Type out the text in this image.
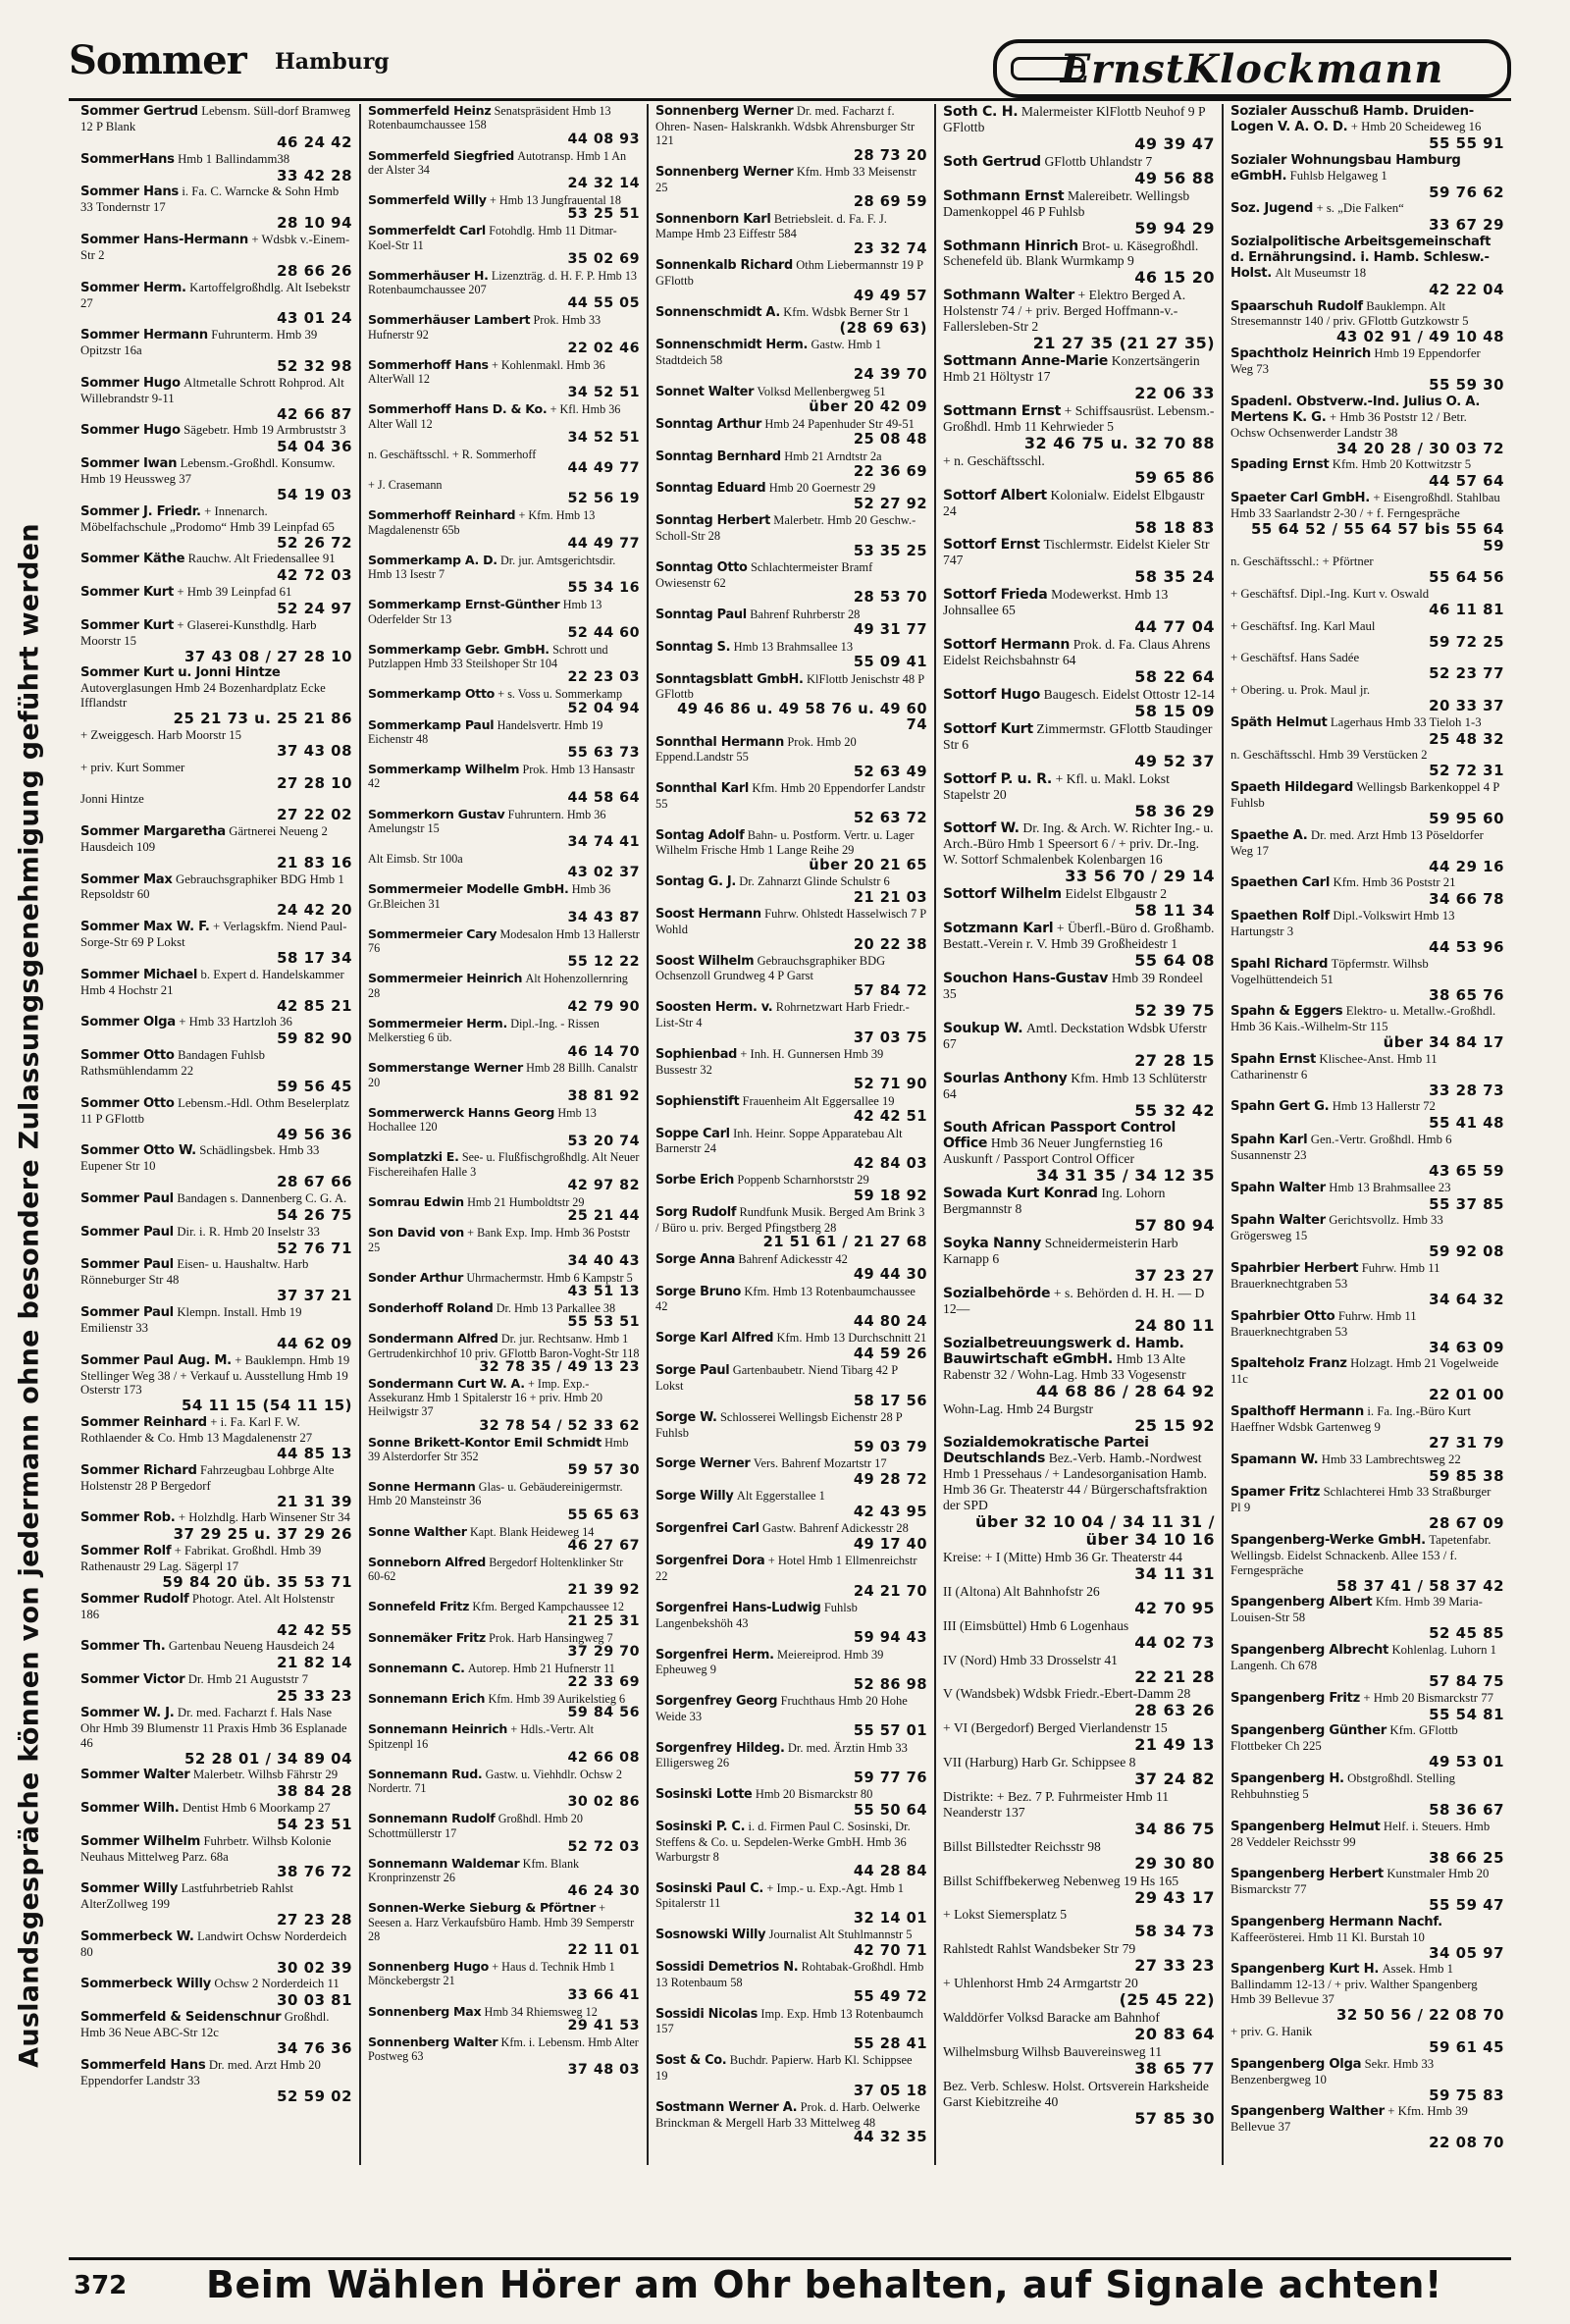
Sommer Hamburg	ErnstKlockmann
Auslandsgespräche können von jedermann ohne besondere Zulassungsgenehmigung geführt werden
Sommer Gertrud Lebensm. Süll-dorf Bramweg 12 P Blank
46 24 42
SommerHans Hmb 1 Ballindamm38
33 42 28
Sommer Hans i. Fa. C. Warncke & Sohn Hmb 33 Tondernstr 17
28 10 94
Sommer Hans-Hermann + Wdsbk v.-Einem-Str 2
28 66 26
Sommer Herm. Kartoffelgroßhdlg. Alt Isebekstr 27
43 01 24
Sommer Hermann Fuhrunterm. Hmb 39 Opitzstr 16a
52 32 98
Sommer Hugo Altmetalle Schrott Rohprod. Alt Willebrandstr 9-11
42 66 87
Sommer Hugo Sägebetr. Hmb 19 Armbruststr 3
54 04 36
Sommer Iwan Lebensm.-Großhdl. Konsumw. Hmb 19 Heussweg 37
54 19 03
Sommer J. Friedr. + Innenarch. Möbelfachschule „Prodomo“ Hmb 39 Leinpfad 65
52 26 72
Sommer Käthe Rauchw. Alt Friedensallee 91
42 72 03
Sommer Kurt + Hmb 39 Leinpfad 61
52 24 97
Sommer Kurt + Glaserei-Kunsthdlg. Harb Moorstr 15
37 43 08 / 27 28 10
Sommer Kurt u. Jonni Hintze Autoverglasungen Hmb 24 Bozenhardplatz Ecke Ifflandstr
25 21 73 u. 25 21 86
+ Zweiggesch. Harb Moorstr 15
37 43 08
+ priv. Kurt Sommer
27 28 10
Jonni Hintze
27 22 02
Sommer Margaretha Gärtnerei Neueng 2 Hausdeich 109
21 83 16
Sommer Max Gebrauchsgraphiker BDG Hmb 1 Repsoldstr 60
24 42 20
Sommer Max W. F. + Verlagskfm. Niend Paul-Sorge-Str 69 P Lokst
58 17 34
Sommer Michael b. Expert d. Handelskammer Hmb 4 Hochstr 21
42 85 21
Sommer Olga + Hmb 33 Hartzloh 36
59 82 90
Sommer Otto Bandagen Fuhlsb Rathsmühlendamm 22
59 56 45
Sommer Otto Lebensm.-Hdl. Othm Beselerplatz 11 P GFlottb
49 56 36
Sommer Otto W. Schädlingsbek. Hmb 33 Eupener Str 10
28 67 66
Sommer Paul Bandagen s. Dannenberg C. G. A.
54 26 75
Sommer Paul Dir. i. R. Hmb 20 Inselstr 33
52 76 71
Sommer Paul Eisen- u. Haushaltw. Harb Rönneburger Str 48
37 37 21
Sommer Paul Klempn. Install. Hmb 19 Emilienstr 33
44 62 09
Sommer Paul Aug. M. + Bauklempn. Hmb 19 Stellinger Weg 38 / + Verkauf u. Ausstellung Hmb 19 Osterstr 173
54 11 15 (54 11 15)
Sommer Reinhard + i. Fa. Karl F. W. Rothlaender & Co. Hmb 13 Magdalenenstr 27
44 85 13
Sommer Richard Fahrzeugbau Lohbrge Alte Holstenstr 28 P Bergedorf
21 31 39
Sommer Rob. + Holzhdlg. Harb Winsener Str 34
37 29 25 u. 37 29 26
Sommer Rolf + Fabrikat. Großhdl. Hmb 39 Rathenaustr 29 Lag. Sägerpl 17
59 84 20 üb. 35 53 71
Sommer Rudolf Photogr. Atel. Alt Holstenstr 186
42 42 55
Sommer Th. Gartenbau Neueng Hausdeich 24
21 82 14
Sommer Victor Dr. Hmb 21 Auguststr 7
25 33 23
Sommer W. J. Dr. med. Facharzt f. Hals Nase Ohr Hmb 39 Blumenstr 11 Praxis Hmb 36 Esplanade 46
52 28 01 / 34 89 04
Sommer Walter Malerbetr. Wilhsb Fährstr 29
38 84 28
Sommer Wilh. Dentist Hmb 6 Moorkamp 27
54 23 51
Sommer Wilhelm Fuhrbetr. Wilhsb Kolonie Neuhaus Mittelweg Parz. 68a
38 76 72
Sommer Willy Lastfuhrbetrieb Rahlst AlterZollweg 199
27 23 28
Sommerbeck W. Landwirt Ochsw Norderdeich 80
30 02 39
Sommerbeck Willy Ochsw 2 Norderdeich 11
30 03 81
Sommerfeld & Seidenschnur Großhdl. Hmb 36 Neue ABC-Str 12c
34 76 36
Sommerfeld Hans Dr. med. Arzt Hmb 20 Eppendorfer Landstr 33
52 59 02
Sommerfeld Heinz Senatspräsident Hmb 13 Rotenbaumchaussee 158
44 08 93
Sommerfeld Siegfried Autotransp. Hmb 1 An der Alster 34
24 32 14
Sommerfeld Willy + Hmb 13 Jungfrauental 18
53 25 51
Sommerfeldt Carl Fotohdlg. Hmb 11 Ditmar-Koel-Str 11
35 02 69
Sommerhäuser H. Lizenzträg. d. H. F. P. Hmb 13 Rotenbaumchaussee 207
44 55 05
Sommerhäuser Lambert Prok. Hmb 33 Hufnerstr 92
22 02 46
Sommerhoff Hans + Kohlenmakl. Hmb 36 AlterWall 12
34 52 51
Sommerhoff Hans D. & Ko. + Kfl. Hmb 36 Alter Wall 12
34 52 51
n. Geschäftsschl. + R. Sommerhoff
44 49 77
+ J. Crasemann
52 56 19
Sommerhoff Reinhard + Kfm. Hmb 13 Magdalenenstr 65b
44 49 77
Sommerkamp A. D. Dr. jur. Amtsgerichtsdir. Hmb 13 Isestr 7
55 34 16
Sommerkamp Ernst-Günther Hmb 13 Oderfelder Str 13
52 44 60
Sommerkamp Gebr. GmbH. Schrott und Putzlappen Hmb 33 Steilshoper Str 104
22 23 03
Sommerkamp Otto + s. Voss u. Sommerkamp
52 04 94
Sommerkamp Paul Handelsvertr. Hmb 19 Eichenstr 48
55 63 73
Sommerkamp Wilhelm Prok. Hmb 13 Hansastr 42
44 58 64
Sommerkorn Gustav Fuhruntern. Hmb 36 Amelungstr 15
34 74 41
Alt Eimsb. Str 100a
43 02 37
Sommermeier Modelle GmbH. Hmb 36 Gr.Bleichen 31
34 43 87
Sommermeier Cary Modesalon Hmb 13 Hallerstr 76
55 12 22
Sommermeier Heinrich Alt Hohenzollernring 28
42 79 90
Sommermeier Herm. Dipl.-Ing. - Rissen Melkerstieg 6 üb.
46 14 70
Sommerstange Werner Hmb 28 Billh. Canalstr 20
38 81 92
Sommerwerck Hanns Georg Hmb 13 Hochallee 120
53 20 74
Somplatzki E. See- u. Flußfischgroßhdlg. Alt Neuer Fischereihafen Halle 3
42 97 82
Somrau Edwin Hmb 21 Humboldtstr 29
25 21 44
Son David von + Bank Exp. Imp. Hmb 36 Poststr 25
34 40 43
Sonder Arthur Uhrmachermstr. Hmb 6 Kampstr 5
43 51 13
Sonderhoff Roland Dr. Hmb 13 Parkallee 38
55 53 51
Sondermann Alfred Dr. jur. Rechtsanw. Hmb 1 Gertrudenkirchhof 10 priv. GFlottb Baron-Voght-Str 118
32 78 35 / 49 13 23
Sondermann Curt W. A. + Imp. Exp.-Assekuranz Hmb 1 Spitalerstr 16 + priv. Hmb 20 Heilwigstr 37
32 78 54 / 52 33 62
Sonne Brikett-Kontor Emil Schmidt Hmb 39 Alsterdorfer Str 352
59 57 30
Sonne Hermann Glas- u. Gebäudereinigermstr. Hmb 20 Mansteinstr 36
55 65 63
Sonne Walther Kapt. Blank Heideweg 14
46 27 67
Sonneborn Alfred Bergedorf Holtenklinker Str 60-62
21 39 92
Sonnefeld Fritz Kfm. Berged Kampchaussee 12
21 25 31
Sonnemäker Fritz Prok. Harb Hansingweg 7
37 29 70
Sonnemann C. Autorep. Hmb 21 Hufnerstr 11
22 33 69
Sonnemann Erich Kfm. Hmb 39 Aurikelstieg 6
59 84 56
Sonnemann Heinrich + Hdls.-Vertr. Alt Spitzenpl 16
42 66 08
Sonnemann Rud. Gastw. u. Viehhdlr. Ochsw 2 Nordertr. 71
30 02 86
Sonnemann Rudolf Großhdl. Hmb 20 Schottmüllerstr 17
52 72 03
Sonnemann Waldemar Kfm. Blank Kronprinzenstr 26
46 24 30
Sonnen-Werke Sieburg & Pförtner + Seesen a. Harz Verkaufsbüro Hamb. Hmb 39 Semperstr 28
22 11 01
Sonnenberg Hugo + Haus d. Technik Hmb 1 Mönckebergstr 21
33 66 41
Sonnenberg Max Hmb 34 Rhiemsweg 12
29 41 53
Sonnenberg Walter Kfm. i. Lebensm. Hmb Alter Postweg 63
37 48 03
Sonnenberg Werner Dr. med. Facharzt f. Ohren- Nasen- Halskrankh. Wdsbk Ahrensburger Str 121
28 73 20
Sonnenberg Werner Kfm. Hmb 33 Meisenstr 25
28 69 59
Sonnenborn Karl Betriebsleit. d. Fa. F. J. Mampe Hmb 23 Eiffestr 584
23 32 74
Sonnenkalb Richard Othm Liebermannstr 19 P GFlottb
49 49 57
Sonnenschmidt A. Kfm. Wdsbk Berner Str 1
(28 69 63)
Sonnenschmidt Herm. Gastw. Hmb 1 Stadtdeich 58
24 39 70
Sonnet Walter Volksd Mellenbergweg 51
über 20 42 09
Sonntag Arthur Hmb 24 Papenhuder Str 49-51
25 08 48
Sonntag Bernhard Hmb 21 Arndtstr 2a
22 36 69
Sonntag Eduard Hmb 20 Goernestr 29
52 27 92
Sonntag Herbert Malerbetr. Hmb 20 Geschw.-Scholl-Str 28
53 35 25
Sonntag Otto Schlachtermeister Bramf Owiesenstr 62
28 53 70
Sonntag Paul Bahrenf Ruhrberstr 28
49 31 77
Sonntag S. Hmb 13 Brahmsallee 13
55 09 41
Sonntagsblatt GmbH. KlFlottb Jenischstr 48 P GFlottb
49 46 86 u. 49 58 76 u. 49 60 74
Sonnthal Hermann Prok. Hmb 20 Eppend.Landstr 55
52 63 49
Sonnthal Karl Kfm. Hmb 20 Eppendorfer Landstr 55
52 63 72
Sontag Adolf Bahn- u. Postform. Vertr. u. Lager Wilhelm Frische Hmb 1 Lange Reihe 29
über 20 21 65
Sontag G. J. Dr. Zahnarzt Glinde Schulstr 6
21 21 03
Soost Hermann Fuhrw. Ohlstedt Hasselwisch 7 P Wohld
20 22 38
Soost Wilhelm Gebrauchsgraphiker BDG Ochsenzoll Grundweg 4 P Garst
57 84 72
Soosten Herm. v. Rohrnetzwart Harb Friedr.-List-Str 4
37 03 75
Sophienbad + Inh. H. Gunnersen Hmb 39 Bussestr 32
52 71 90
Sophienstift Frauenheim Alt Eggersallee 19
42 42 51
Soppe Carl Inh. Heinr. Soppe Apparatebau Alt Barnerstr 24
42 84 03
Sorbe Erich Poppenb Scharnhorststr 29
59 18 92
Sorg Rudolf Rundfunk Musik. Berged Am Brink 3 / Büro u. priv. Berged Pfingstberg 28
21 51 61 / 21 27 68
Sorge Anna Bahrenf Adickesstr 42
49 44 30
Sorge Bruno Kfm. Hmb 13 Rotenbaumchaussee 42
44 80 24
Sorge Karl Alfred Kfm. Hmb 13 Durchschnitt 21
44 59 26
Sorge Paul Gartenbaubetr. Niend Tibarg 42 P Lokst
58 17 56
Sorge W. Schlosserei Wellingsb Eichenstr 28 P Fuhlsb
59 03 79
Sorge Werner Vers. Bahrenf Mozartstr 17
49 28 72
Sorge Willy Alt Eggerstallee 1
42 43 95
Sorgenfrei Carl Gastw. Bahrenf Adickesstr 28
49 17 40
Sorgenfrei Dora + Hotel Hmb 1 Ellmenreichstr 22
24 21 70
Sorgenfrei Hans-Ludwig Fuhlsb Langenbekshöh 43
59 94 43
Sorgenfrei Herm. Meiereiprod. Hmb 39 Epheuweg 9
52 86 98
Sorgenfrey Georg Fruchthaus Hmb 20 Hohe Weide 33
55 57 01
Sorgenfrey Hildeg. Dr. med. Ärztin Hmb 33 Elligersweg 26
59 77 76
Sosinski Lotte Hmb 20 Bismarckstr 80
55 50 64
Sosinski P. C. i. d. Firmen Paul C. Sosinski, Dr. Steffens & Co. u. Sepdelen-Werke GmbH. Hmb 36 Warburgstr 8
44 28 84
Sosinski Paul C. + Imp.- u. Exp.-Agt. Hmb 1 Spitalerstr 11
32 14 01
Sosnowski Willy Journalist Alt Stuhlmannstr 5
42 70 71
Sossidi Demetrios N. Rohtabak-Großhdl. Hmb 13 Rotenbaum 58
55 49 72
Sossidi Nicolas Imp. Exp. Hmb 13 Rotenbaumch 157
55 28 41
Sost & Co. Buchdr. Papierw. Harb Kl. Schippsee 19
37 05 18
Sostmann Werner A. Prok. d. Harb. Oelwerke Brinckman & Mergell Harb 33 Mittelweg 48
44 32 35
Soth C. H. Malermeister KlFlottb Neuhof 9 P GFlottb
49 39 47
Soth Gertrud GFlottb Uhlandstr 7
49 56 88
Sothmann Ernst Malereibetr. Wellingsb Damenkoppel 46 P Fuhlsb
59 94 29
Sothmann Hinrich Brot- u. Käsegroßhdl. Schenefeld üb. Blank Wurmkamp 9
46 15 20
Sothmann Walter + Elektro Berged A. Holstenstr 74 / + priv. Berged Hoffmann-v.-Fallersleben-Str 2
21 27 35 (21 27 35)
Sottmann Anne-Marie Konzertsängerin Hmb 21 Höltystr 17
22 06 33
Sottmann Ernst + Schiffsausrüst. Lebensm.-Großhdl. Hmb 11 Kehrwieder 5
32 46 75 u. 32 70 88
+ n. Geschäftsschl.
59 65 86
Sottorf Albert Kolonialw. Eidelst Elbgaustr 24
58 18 83
Sottorf Ernst Tischlermstr. Eidelst Kieler Str 747
58 35 24
Sottorf Frieda Modewerkst. Hmb 13 Johnsallee 65
44 77 04
Sottorf Hermann Prok. d. Fa. Claus Ahrens Eidelst Reichsbahnstr 64
58 22 64
Sottorf Hugo Baugesch. Eidelst Ottostr 12-14
58 15 09
Sottorf Kurt Zimmermstr. GFlottb Staudinger Str 6
49 52 37
Sottorf P. u. R. + Kfl. u. Makl. Lokst Stapelstr 20
58 36 29
Sottorf W. Dr. Ing. & Arch. W. Richter Ing.- u. Arch.-Büro Hmb 1 Speersort 6 / + priv. Dr.-Ing. W. Sottorf Schmalenbek Kolenbargen 16
33 56 70 / 29 14
Sottorf Wilhelm Eidelst Elbgaustr 2
58 11 34
Sotzmann Karl + Überfl.-Büro d. Großhamb. Bestatt.-Verein r. V. Hmb 39 Großheidestr 1
55 64 08
Souchon Hans-Gustav Hmb 39 Rondeel 35
52 39 75
Soukup W. Amtl. Deckstation Wdsbk Uferstr 67
27 28 15
Sourlas Anthony Kfm. Hmb 13 Schlüterstr 64
55 32 42
South African Passport Control Office Hmb 36 Neuer Jungfernstieg 16 Auskunft / Passport Control Officer
34 31 35 / 34 12 35
Sowada Kurt Konrad Ing. Lohorn Bergmannstr 8
57 80 94
Soyka Nanny Schneidermeisterin Harb Karnapp 6
37 23 27
Sozialbehörde + s. Behörden d. H. H. — D 12—
24 80 11
Sozialbetreuungswerk d. Hamb. Bauwirtschaft eGmbH. Hmb 13 Alte Rabenstr 32 / Wohn-Lag. Hmb 33 Vogesenstr
44 68 86 / 28 64 92
Wohn-Lag. Hmb 24 Burgstr
25 15 92
Sozialdemokratische Partei Deutschlands Bez.-Verb. Hamb.-Nordwest Hmb 1 Pressehaus / + Landesorganisation Hamb. Hmb 36 Gr. Theaterstr 44 / Bürgerschaftsfraktion der SPD
über 32 10 04 / 34 11 31 / über 34 10 16
Kreise: + I (Mitte) Hmb 36 Gr. Theaterstr 44
34 11 31
II (Altona) Alt Bahnhofstr 26
42 70 95
III (Eimsbüttel) Hmb 6 Logenhaus
44 02 73
IV (Nord) Hmb 33 Drosselstr 41
22 21 28
V (Wandsbek) Wdsbk Friedr.-Ebert-Damm 28
28 63 26
+ VI (Bergedorf) Berged Vierlandenstr 15
21 49 13
VII (Harburg) Harb Gr. Schippsee 8
37 24 82
Distrikte: + Bez. 7 P. Fuhrmeister Hmb 11 Neanderstr 137
34 86 75
Billst Billstedter Reichsstr 98
29 30 80
Billst Schiffbekerweg Nebenweg 19 Hs 165
29 43 17
+ Lokst Siemersplatz 5
58 34 73
Rahlstedt Rahlst Wandsbeker Str 79
27 33 23
+ Uhlenhorst Hmb 24 Armgartstr 20
(25 45 22)
Walddörfer Volksd Baracke am Bahnhof
20 83 64
Wilhelmsburg Wilhsb Bauvereinsweg 11
38 65 77
Bez. Verb. Schlesw. Holst. Ortsverein Harksheide Garst Kiebitzreihe 40
57 85 30
Sozialer Ausschuß Hamb. Druiden-Logen V. A. O. D. + Hmb 20 Scheideweg 16
55 55 91
Sozialer Wohnungsbau Hamburg eGmbH. Fuhlsb Helgaweg 1
59 76 62
Soz. Jugend + s. „Die Falken“
33 67 29
Sozialpolitische Arbeitsgemeinschaft d. Ernährungsind. i. Hamb. Schlesw.-Holst. Alt Museumstr 18
42 22 04
Spaarschuh Rudolf Bauklempn. Alt Stresemannstr 140 / priv. GFlottb Gutzkowstr 5
43 02 91 / 49 10 48
Spachtholz Heinrich Hmb 19 Eppendorfer Weg 73
55 59 30
Spadenl. Obstverw.-Ind. Julius O. A. Mertens K. G. + Hmb 36 Poststr 12 / Betr. Ochsw Ochsenwerder Landstr 38
34 20 28 / 30 03 72
Spading Ernst Kfm. Hmb 20 Kottwitzstr 5
44 57 64
Spaeter Carl GmbH. + Eisengroßhdl. Stahlbau Hmb 33 Saarlandstr 2-30 / + f. Ferngespräche
55 64 52 / 55 64 57 bis 55 64 59
n. Geschäftsschl.: + Pförtner
55 64 56
+ Geschäftsf. Dipl.-Ing. Kurt v. Oswald
46 11 81
+ Geschäftsf. Ing. Karl Maul
59 72 25
+ Geschäftsf. Hans Sadée
52 23 77
+ Obering. u. Prok. Maul jr.
20 33 37
Späth Helmut Lagerhaus Hmb 33 Tieloh 1-3
25 48 32
n. Geschäftsschl. Hmb 39 Verstücken 2
52 72 31
Spaeth Hildegard Wellingsb Barkenkoppel 4 P Fuhlsb
59 95 60
Spaethe A. Dr. med. Arzt Hmb 13 Pöseldorfer Weg 17
44 29 16
Spaethen Carl Kfm. Hmb 36 Poststr 21
34 66 78
Spaethen Rolf Dipl.-Volkswirt Hmb 13 Hartungstr 3
44 53 96
Spahl Richard Töpfermstr. Wilhsb Vogelhüttendeich 51
38 65 76
Spahn & Eggers Elektro- u. Metallw.-Großhdl. Hmb 36 Kais.-Wilhelm-Str 115
über 34 84 17
Spahn Ernst Klischee-Anst. Hmb 11 Catharinenstr 6
33 28 73
Spahn Gert G. Hmb 13 Hallerstr 72
55 41 48
Spahn Karl Gen.-Vertr. Großhdl. Hmb 6 Susannenstr 23
43 65 59
Spahn Walter Hmb 13 Brahmsallee 23
55 37 85
Spahn Walter Gerichtsvollz. Hmb 33 Grögersweg 15
59 92 08
Spahrbier Herbert Fuhrw. Hmb 11 Brauerknechtgraben 53
34 64 32
Spahrbier Otto Fuhrw. Hmb 11 Brauerknechtgraben 53
34 63 09
Spalteholz Franz Holzagt. Hmb 21 Vogelweide 11c
22 01 00
Spalthoff Hermann i. Fa. Ing.-Büro Kurt Haeffner Wdsbk Gartenweg 9
27 31 79
Spamann W. Hmb 33 Lambrechtsweg 22
59 85 38
Spamer Fritz Schlachterei Hmb 33 Straßburger Pl 9
28 67 09
Spangenberg-Werke GmbH. Tapetenfabr. Wellingsb. Eidelst Schnackenb. Allee 153 / f. Ferngespräche
58 37 41 / 58 37 42
Spangenberg Albert Kfm. Hmb 39 Maria-Louisen-Str 58
52 45 85
Spangenberg Albrecht Kohlenlag. Luhorn 1 Langenh. Ch 678
57 84 75
Spangenberg Fritz + Hmb 20 Bismarckstr 77
55 54 81
Spangenberg Günther Kfm. GFlottb Flottbeker Ch 225
49 53 01
Spangenberg H. Obstgroßhdl. Stelling Rehbuhnstieg 5
58 36 67
Spangenberg Helmut Helf. i. Steuers. Hmb 28 Veddeler Reichsstr 99
38 66 25
Spangenberg Herbert Kunstmaler Hmb 20 Bismarckstr 77
55 59 47
Spangenberg Hermann Nachf. Kaffeerösterei. Hmb 11 Kl. Burstah 10
34 05 97
Spangenberg Kurt H. Assek. Hmb 1 Ballindamm 12-13 / + priv. Walther Spangenberg Hmb 39 Bellevue 37
32 50 56 / 22 08 70
+ priv. G. Hanik
59 61 45
Spangenberg Olga Sekr. Hmb 33 Benzenbergweg 10
59 75 83
Spangenberg Walther + Kfm. Hmb 39 Bellevue 37
22 08 70
372 Beim Wählen Hörer am Ohr behalten, auf Signale achten!
